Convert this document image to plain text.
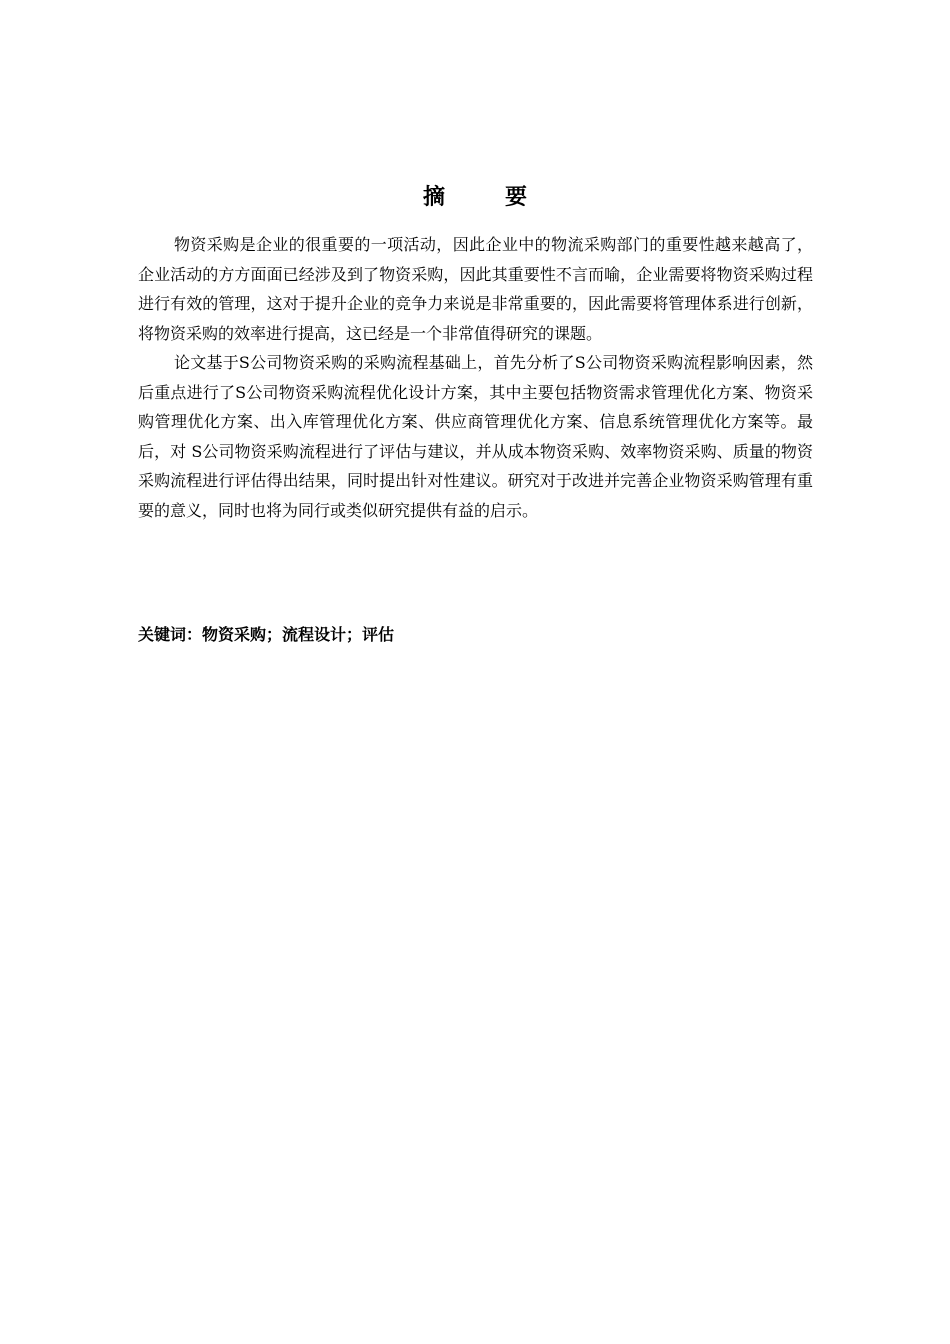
摘要

物资采购是企业的很重要的一项活动，因此企业中的物流采购部门的重要性越来越高了，企业活动的方方面面已经涉及到了物资采购，因此其重要性不言而喻，企业需要将物资采购过程进行有效的管理，这对于提升企业的竞争力来说是非常重要的，因此需要将管理体系进行创新，将物资采购的效率进行提高，这已经是一个非常值得研究的课题。

论文基于S公司物资采购的采购流程基础上，首先分析了S公司物资采购流程影响因素，然后重点进行了S公司物资采购流程优化设计方案，其中主要包括物资需求管理优化方案、物资采购管理优化方案、出入库管理优化方案、供应商管理优化方案、信息系统管理优化方案等。最后，对 S公司物资采购流程进行了评估与建议，并从成本物资采购、效率物资采购、质量的物资采购流程进行评估得出结果，同时提出针对性建议。研究对于改进并完善企业物资采购管理有重要的意义，同时也将为同行或类似研究提供有益的启示。

关键词：物资采购；流程设计；评估
